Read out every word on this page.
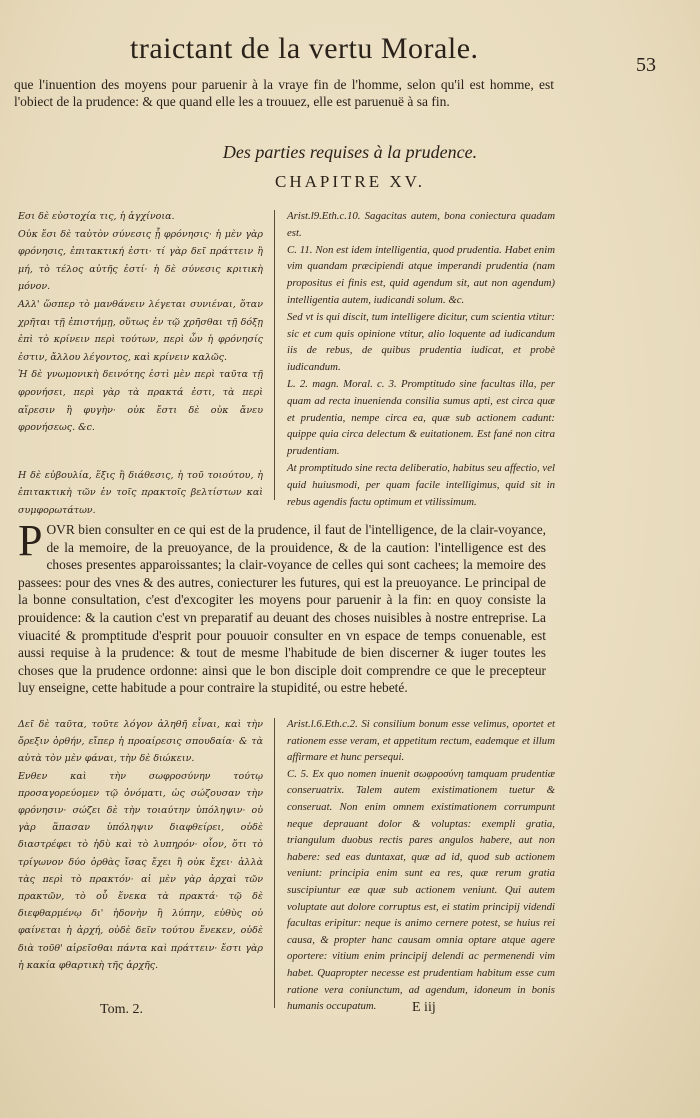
traictant de la vertu Morale.	53
que l'inuention des moyens pour paruenir à la vraye fin de l'homme, selon qu'il est homme, est l'obiect de la prudence: & que quand elle les a trouuez, elle est paruenuë à sa fin.
Des parties requises à la prudence.
CHAPITRE XV.

Εσι δὲ εὐστοχία τις, ἡ ἀγχίνοια.

Οὐκ ἔσι δὲ ταὐτὸν σύνεσις ᾗ φρόνησις· ἡ μὲν γὰρ φρόνησις, ἐπιτακτική ἐστι· τί γὰρ δεῖ πράττειν ἢ μή, τὸ τέλος αὐτῆς ἐστί· ἡ δὲ σύνεσις κριτικὴ μόνον.

Αλλ' ὥσπερ τὸ μανθάνειν λέγεται συνιέναι, ὅταν χρῆται τῇ ἐπιστήμῃ, οὕτως ἐν τῷ χρῆσθαι τῇ δόξῃ ἐπὶ τὸ κρίνειν περὶ τούτων, περὶ ὧν ἡ φρόνησίς ἐστιν, ἄλλου λέγοντος, καὶ κρίνειν καλῶς.

Ἡ δὲ γνωμονικὴ δεινότης ἐστὶ μὲν περὶ ταῦτα τῇ φρονήσει, περὶ γὰρ τὰ πρακτά ἐστι, τὰ περὶ αἵρεσιν ἢ φυγὴν· οὐκ ἔστι δὲ οὐκ ἄνευ φρονήσεως. &c.

Η δὲ εὐβουλία, ἕξις ἢ διάθεσις, ἡ τοῦ τοιούτου, ἡ ἐπιτακτικὴ τῶν ἐν τοῖς πρακτοῖς βελτίστων καὶ συμφορωτάτων.

Arist.l9.Eth.c.10. Sagacitas autem, bona coniectura quadam est.

C. 11. Non est idem intelligentia, quod prudentia. Habet enim vim quandam præcipiendi atque imperandi prudentia (nam propositus ei finis est, quid agendum sit, aut non agendum) intelligentia autem, iudicandi solum. &c.

Sed vt is qui discit, tum intelligere dicitur, cum scientia vtitur: sic et cum quis opinione vtitur, alio loquente ad iudicandum iis de rebus, de quibus prudentia iudicat, et probè iudicandum.

L. 2. magn. Moral. c. 3. Promptitudo sine facultas illa, per quam ad recta inuenienda consilia sumus apti, est circa quæ et prudentia, nempe circa ea, quæ sub actionem cadunt: quippe quia circa delectum & euitationem. Est fané non citra prudentiam.

At promptitudo sine recta deliberatio, habitus seu affectio, vel quid huiusmodi, per quam facile intelligimus, quid sit in rebus agendis factu optimum et vtilissimum.

POVR bien consulter en ce qui est de la prudence, il faut de l'intelligence, de la clair-voyance, de la memoire, de la preuoyance, de la prouidence, & de la caution: l'intelligence est des choses presentes apparoissantes; la clair-voyance de celles qui sont cachees; la memoire des passees: pour des vnes & des autres, coniecturer les futures, qui est la preuoyance. Le principal de la bonne consultation, c'est d'excogiter les moyens pour paruenir à la fin: en quoy consiste la prouidence: & la caution c'est vn preparatif au deuant des choses nuisibles à nostre entreprise. La viuacité & promptitude d'esprit pour pouuoir consulter en vn espace de temps conuenable, est aussi requise à la prudence: & tout de mesme l'habitude de bien discerner & iuger toutes les choses que la prudence ordonne: ainsi que le bon disciple doit comprendre ce que le precepteur luy enseigne, cette habitude a pour contraire la stupidité, ou estre hebeté.

Δεῖ δὲ ταῦτα, τοῦτε λόγον ἀληθῆ εἶναι, καὶ τὴν ὄρεξιν ὀρθήν, εἴπερ ἡ προαίρεσις σπουδαία· & τὰ αὐτὰ τὸν μὲν φάναι, τὴν δὲ διώκειν.

Ενθεν καὶ τὴν σωφροσύνην τούτῳ προσαγορεύομεν τῷ ὀνόματι, ὡς σώζουσαν τὴν φρόνησιν· σώζει δὲ τὴν τοιαύτην ὑπόληψιν· οὐ γὰρ ἅπασαν ὑπόληψιν διαφθείρει, οὐδὲ διαστρέφει τὸ ἡδὺ καὶ τὸ λυπηρόν· οἷον, ὅτι τὸ τρίγωνον δύο ὀρθὰς ἴσας ἔχει ἢ οὐκ ἔχει· ἀλλὰ τὰς περὶ τὸ πρακτόν· αἱ μὲν γὰρ ἀρχαὶ τῶν πρακτῶν, τὸ οὗ ἕνεκα τὰ πρακτά· τῷ δὲ διεφθαρμένῳ δι' ἡδονὴν ἢ λύπην, εὐθὺς οὐ φαίνεται ἡ ἀρχή, οὐδὲ δεῖν τούτου ἕνεκεν, οὐδὲ διὰ τοῦθ' αἱρεῖσθαι πάντα καὶ πράττειν· ἔστι γὰρ ἡ κακία φθαρτικὴ τῆς ἀρχῆς.

Arist.l.6.Eth.c.2. Si consilium bonum esse velimus, oportet et rationem esse veram, et appetitum rectum, eademque et illum affirmare et hunc persequi.

C. 5. Ex quo nomen inuenit σωφροσύνη tamquam prudentiæ conseruatrix. Talem autem existimationem tuetur & conseruat. Non enim omnem existimationem corrumpunt neque deprauant dolor & voluptas: exempli gratia, triangulum duobus rectis pares angulos habere, aut non habere: sed eas duntaxat, quæ ad id, quod sub actionem veniunt: principia enim sunt ea res, quæ rerum gratia suscipiuntur eæ quæ sub actionem veniunt. Qui autem voluptate aut dolore corruptus est, ei statim principij videndi facultas eripitur: neque is animo cernere potest, se huius rei causa, & propter hanc causam omnia optare atque agere oportere: vitium enim principij delendi ac permenendi vim habet. Quapropter necesse est prudentiam habitum esse cum ratione vera coniunctum, ad agendum, idoneum in bonis humanis occupatum.

Tom. 2.	E iij
